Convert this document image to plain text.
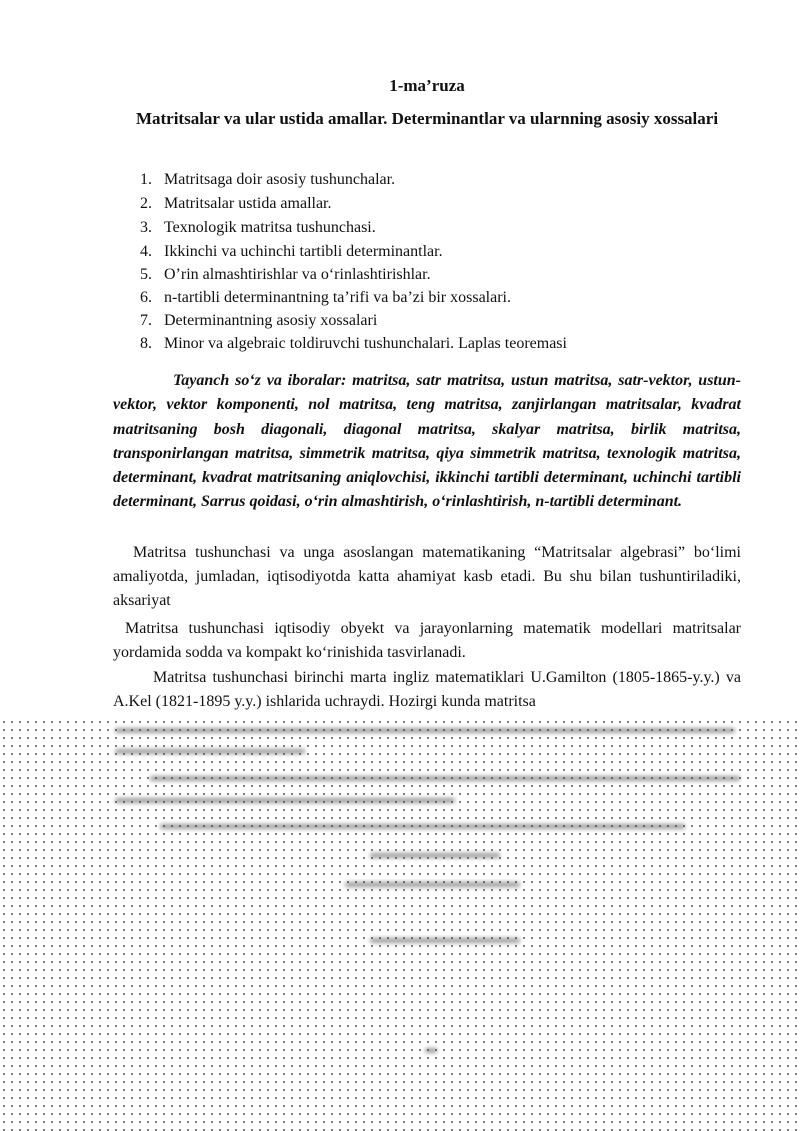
1-ma’ruza
Matritsalar va ular ustida amallar. Determinantlar va ularnning asosiy xossalari
1. Matritsaga doir asosiy tushunchalar.
2. Matritsalar ustida amallar.
3. Texnologik matritsa tushunchasi.
4. Ikkinchi va uchinchi tartibli determinantlar.
5. O’rin almashtirishlar va o‘rinlashtirishlar.
6. n-tartibli determinantning ta’rifi va ba’zi bir xossalari.
7. Determinantning asosiy xossalari
8. Minor va algebraic toldiruvchi tushunchalari. Laplas teoremasi

Tayanch so‘z va iboralar: matritsa, satr matritsa, ustun matritsa, satr-vektor, ustun-vektor, vektor komponenti, nol matritsa, teng matritsa, zanjirlangan matritsalar, kvadrat matritsaning bosh diagonali, diagonal matritsa, skalyar matritsa, birlik matritsa, transponirlangan matritsa, simmetrik matritsa, qiya simmetrik matritsa, texnologik matritsa, determinant, kvadrat matritsaning aniqlovchisi, ikkinchi tartibli determinant, uchinchi tartibli determinant, Sarrus qoidasi, o‘rin almashtirish, o‘rinlashtirish, n-tartibli determinant.

Matritsa tushunchasi va unga asoslangan matematikaning “Matritsalar algebrasi” bo‘limi amaliyotda, jumladan, iqtisodiyotda katta ahamiyat kasb etadi. Bu shu bilan tushuntiriladiki, aksariyat

Matritsa tushunchasi iqtisodiy obyekt va jarayonlarning matematik modellari matritsalar yordamida sodda va kompakt ko‘rinishida tasvirlanadi.

Matritsa tushunchasi birinchi marta ingliz matematiklari U.Gamilton (1805-1865-y.y.) va A.Kel (1821-1895 y.y.) ishlarida uchraydi. Hozirgi kunda matritsa
